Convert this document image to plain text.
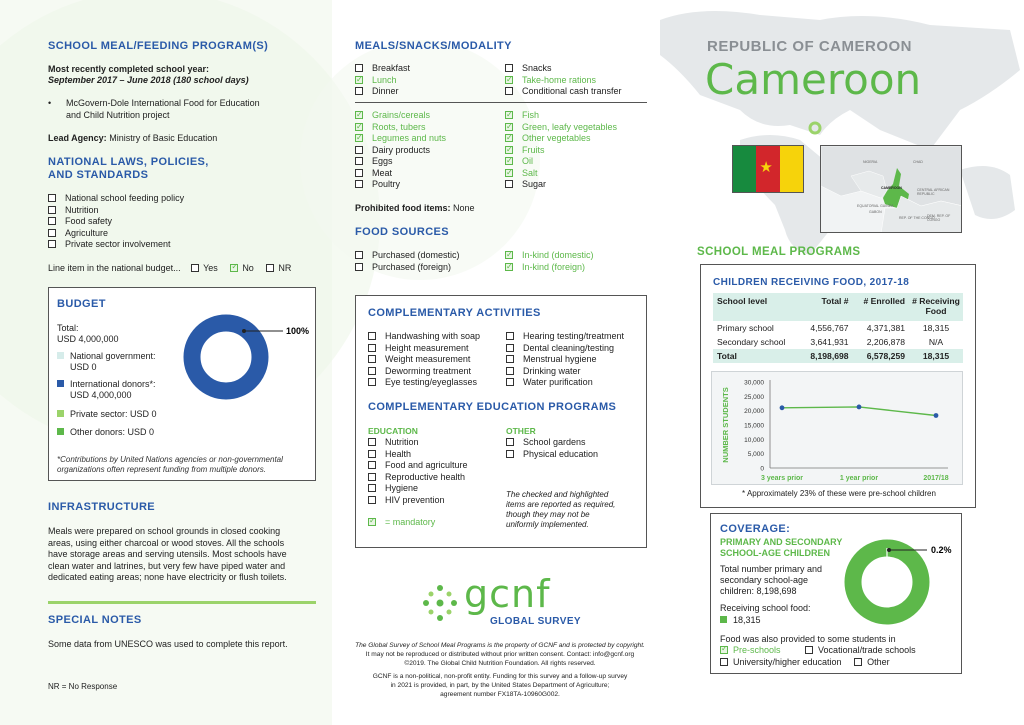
SCHOOL MEAL/FEEDING PROGRAM(S)
Most recently completed school year:
September 2017 – June 2018 (180 school days)
• McGovern-Dole International Food for Education
and Child Nutrition project
Lead Agency: Ministry of Basic Education
NATIONAL LAWS, POLICIES,
AND STANDARDS
National school feeding policy
Nutrition
Food safety
Agriculture
Private sector involvement
Line item in the national budget...	Yes ✓	No	NR
BUDGET
Total:
USD 4,000,000
National government:
USD 0
International donors*:
USD 4,000,000
Private sector: USD 0
Other donors: USD 0
100%
*Contributions by United Nations agencies or non-governmental
organizations often represent funding from multiple donors.
INFRASTRUCTURE
Meals were prepared on school grounds in closed cooking
areas, using either charcoal or wood stoves. All the schools
have storage areas and serving utensils. Most schools have
clean water and latrines, but very few have piped water and
dedicated eating areas; none have electricity or flush toilets.
SPECIAL NOTES
Some data from UNESCO was used to complete this report.
NR = No Response
MEALS/SNACKS/MODALITY
Breakfast
✓Lunch
Dinner
Snacks
✓Take-home rations
Conditional cash transfer
✓Grains/cereals
✓Roots, tubers
✓Legumes and nuts
Dairy products
Eggs
Meat
Poultry
✓Fish
✓Green, leafy vegetables
✓Other vegetables
✓Fruits
✓Oil
✓Salt
Sugar
Prohibited food items: None
FOOD SOURCES
Purchased (domestic)
Purchased (foreign)
✓In-kind (domestic)
✓In-kind (foreign)
COMPLEMENTARY ACTIVITIES
Handwashing with soap
Height measurement
Weight measurement
Deworming treatment
Eye testing/eyeglasses
Hearing testing/treatment
Dental cleaning/testing
Menstrual hygiene
Drinking water
Water purification
COMPLEMENTARY EDUCATION PROGRAMS
EDUCATION
Nutrition
Health
Food and agriculture
Reproductive health
Hygiene
HIV prevention
OTHER
School gardens
Physical education
✓= mandatory
The checked and highlighted
items are reported as required,
though they may not be
uniformly implemented.
gcnf
GLOBAL SURVEY
The Global Survey of School Meal Programs is the property of GCNF and is protected by copyright.
It may not be reproduced or distributed without prior written consent. Contact: info@gcnf.org
©2019. The Global Child Nutrition Foundation. All rights reserved.
GCNF is a non-political, non-profit entity. Funding for this survey and a follow-up survey
in 2021 is provided, in part, by the United States Department of Agriculture;
agreement number FX18TA-10960G002.
REPUBLIC OF CAMEROON
Cameroon
★	NIGERIA	CHAD
CAMEROON	CENTRAL AFRICAN REPUBLIC
EQUATORIAL GUINEA
GABON
REP. OF THE CONGO
DEM. REP. OF CONGO
SCHOOL MEAL PROGRAMS
CHILDREN RECEIVING FOOD, 2017-18
School level	Total #	# Enrolled	# Receiving Food
Primary school	4,556,767	4,371,381	18,315
Secondary school	3,641,931	2,206,878	N/A
Total	8,198,698	6,578,259	18,315
NUMBER STUDENTS
30,000
25,000
20,000
15,000
10,000
5,000
0
3 years prior	1 year prior	2017/18
* Approximately 23% of these were pre-school children
COVERAGE:
PRIMARY AND SECONDARY
SCHOOL-AGE CHILDREN
Total number primary and
secondary school-age
children: 8,198,698
Receiving school food:
18,315
0.2%
Food was also provided to some students in
✓Pre-schools	Vocational/trade schools
University/higher education	Other
